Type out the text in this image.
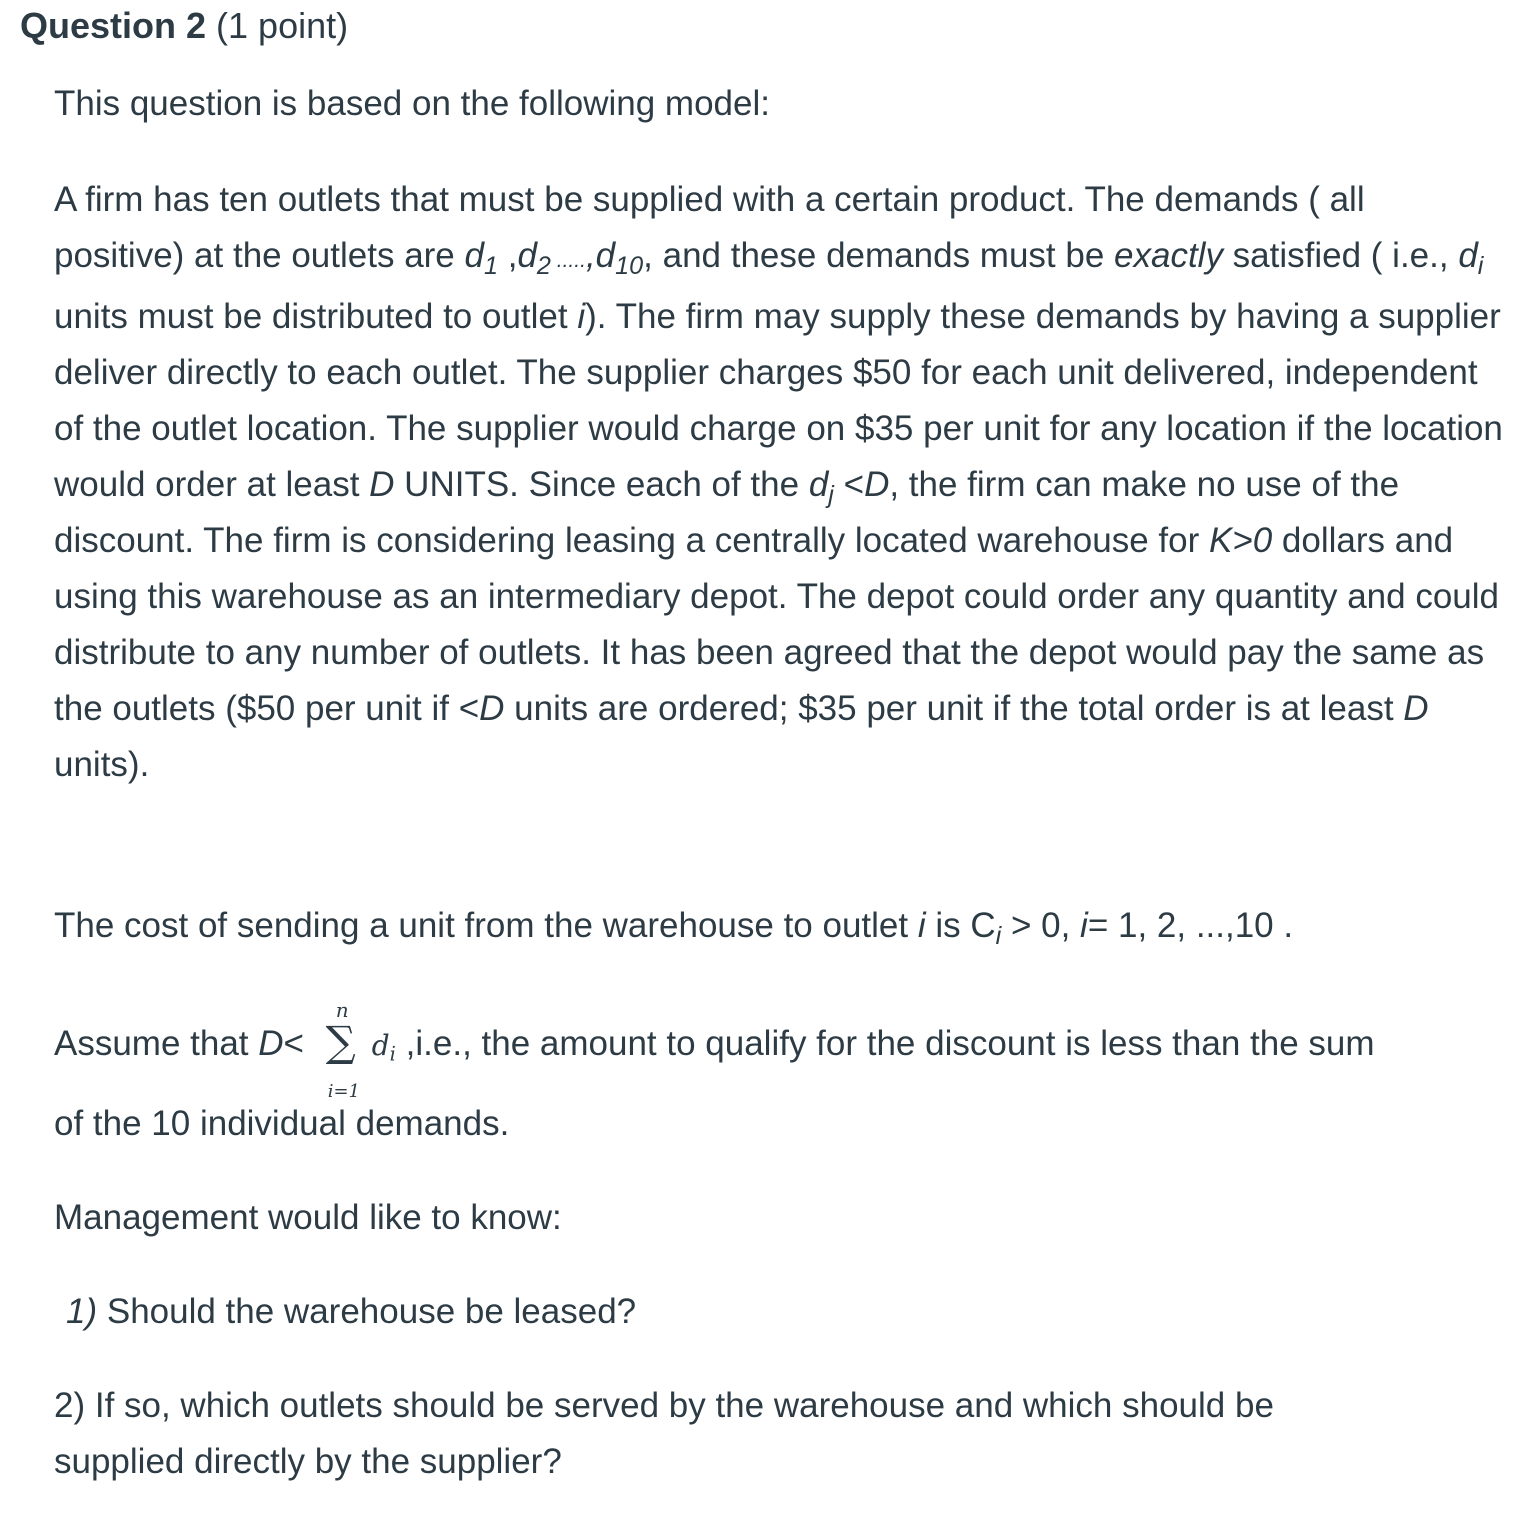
Question 2 (1 point)
This question is based on the following model:
A firm has ten outlets that must be supplied with a certain product. The demands ( all positive) at the outlets are $d_1$ $,d_2$ $.....,d_{10}$, and these demands must be exactly satisfied ( i.e., $d_i$ units must be distributed to outlet i). The firm may supply these demands by having a supplier deliver directly to each outlet. The supplier charges $50 for each unit delivered, independent of the outlet location. The supplier would charge on $35 per unit for any location if the location would order at least D UNITS. Since each of the $d_j <D$, the firm can make no use of the discount. The firm is considering leasing a centrally located warehouse for K>0 dollars and using this warehouse as an intermediary depot. The depot could order any quantity and could distribute to any number of outlets. It has been agreed that the depot would pay the same as the outlets ($50 per unit if <D units are ordered; $35 per unit if the total order is at least D units).
The cost of sending a unit from the warehouse to outlet i is $C_i > 0$, i= 1, 2, ...,10 .
Assume that D<
n
∑
i=1
$d_i$ ,i.e., the amount to qualify for the discount is less than the sum
of the 10 individual demands.
Management would like to know:
1) Should the warehouse be leased?
2) If so, which outlets should be served by the warehouse and which should be
supplied directly by the supplier?
